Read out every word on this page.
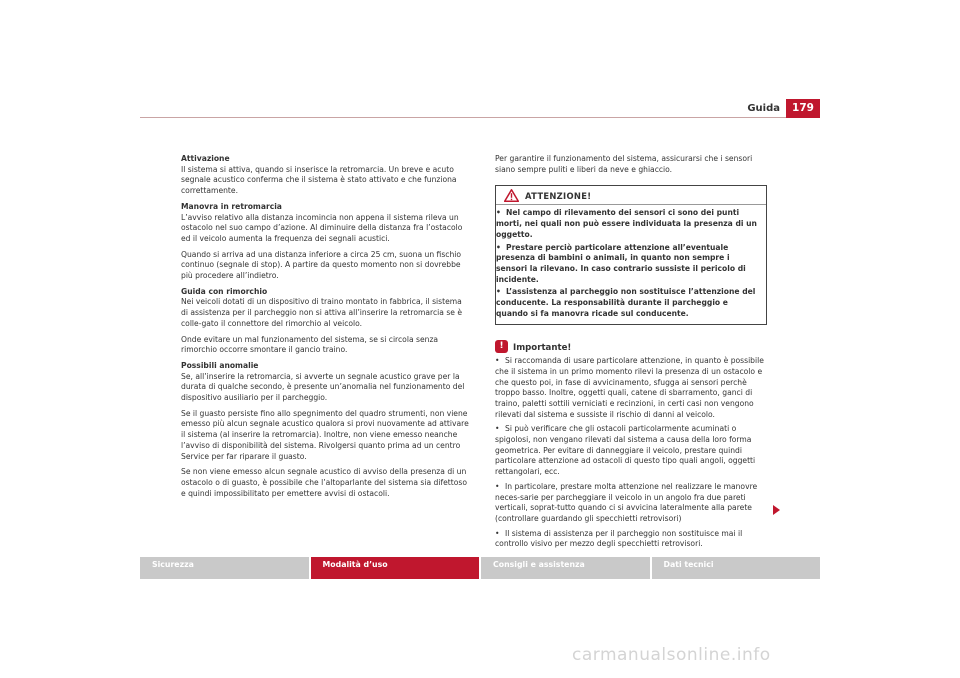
Guida	179
Attivazione

Il sistema si attiva, quando si inserisce la retromarcia. Un breve e acuto segnale acustico conferma che il sistema è stato attivato e che funziona correttamente.

Manovra in retromarcia

L’avviso relativo alla distanza incomincia non appena il sistema rileva un ostacolo nel suo campo d’azione. Al diminuire della distanza fra l’ostacolo ed il veicolo aumenta la frequenza dei segnali acustici.

Quando si arriva ad una distanza inferiore a circa 25 cm, suona un fischio continuo (segnale di stop). A partire da questo momento non si dovrebbe più procedere all’indietro.

Guida con rimorchio

Nei veicoli dotati di un dispositivo di traino montato in fabbrica, il sistema di assistenza per il parcheggio non si attiva all’inserire la retromarcia se è colle-gato il connettore del rimorchio al veicolo.

Onde evitare un mal funzionamento del sistema, se si circola senza rimorchio occorre smontare il gancio traino.

Possibili anomalie

Se, all’inserire la retromarcia, si avverte un segnale acustico grave per la durata di qualche secondo, è presente un’anomalia nel funzionamento del dispositivo ausiliario per il parcheggio.

Se il guasto persiste fino allo spegnimento del quadro strumenti, non viene emesso più alcun segnale acustico qualora si provi nuovamente ad attivare il sistema (al inserire la retromarcia). Inoltre, non viene emesso neanche l’avviso di disponibilità del sistema. Rivolgersi quanto prima ad un centro Service per far riparare il guasto.

Se non viene emesso alcun segnale acustico di avviso della presenza di un ostacolo o di guasto, è possibile che l’altoparlante del sistema sia difettoso e quindi impossibilitato per emettere avvisi di ostacoli.

Per garantire il funzionamento del sistema, assicurarsi che i sensori siano sempre puliti e liberi da neve e ghiaccio.

ATTENZIONE!
• Nel campo di rilevamento dei sensori ci sono dei punti morti, nei quali non può essere individuata la presenza di un oggetto.
• Prestare perciò particolare attenzione all’eventuale presenza di bambini o animali, in quanto non sempre i sensori la rilevano. In caso contrario sussiste il pericolo di incidente.
• L’assistenza al parcheggio non sostituisce l’attenzione del conducente. La responsabilità durante il parcheggio e quando si fa manovra ricade sul conducente.
!	Importante!

• Si raccomanda di usare particolare attenzione, in quanto è possibile che il sistema in un primo momento rilevi la presenza di un ostacolo e che questo poi, in fase di avvicinamento, sfugga ai sensori perchè troppo basso. Inoltre, oggetti quali, catene di sbarramento, ganci di traino, paletti sottili verniciati e recinzioni, in certi casi non vengono rilevati dal sistema e sussiste il rischio di danni al veicolo.

• Si può verificare che gli ostacoli particolarmente acuminati o spigolosi, non vengano rilevati dal sistema a causa della loro forma geometrica. Per evitare di danneggiare il veicolo, prestare quindi particolare attenzione ad ostacoli di questo tipo quali angoli, oggetti rettangolari, ecc.

• In particolare, prestare molta attenzione nel realizzare le manovre neces-sarie per parcheggiare il veicolo in un angolo fra due pareti verticali, soprat-tutto quando ci si avvicina lateralmente alla parete (controllare guardando gli specchietti retrovisori)

• Il sistema di assistenza per il parcheggio non sostituisce mai il controllo visivo per mezzo degli specchietti retrovisori.

Sicurezza	Modalità d’uso	Consigli e assistenza	Dati tecnici
carmanualsonline.info
